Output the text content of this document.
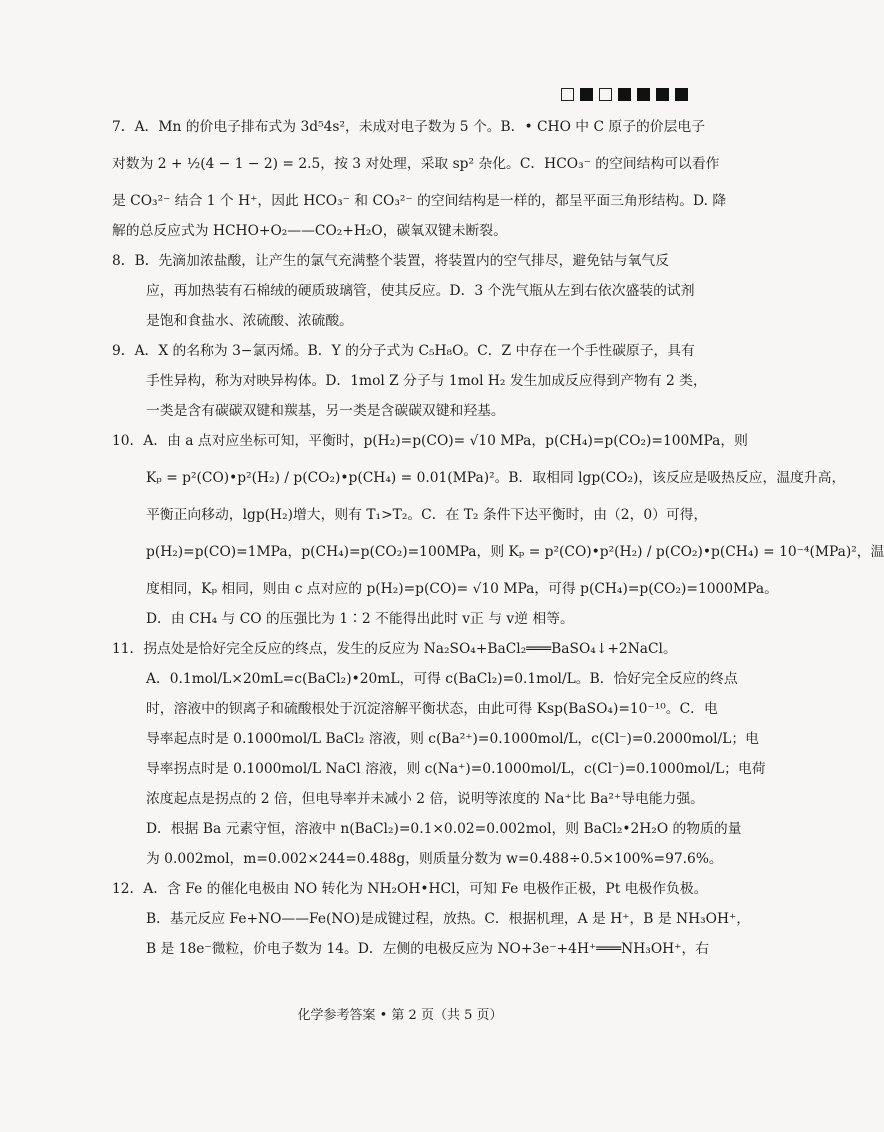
7．A．Mn 的价电子排布式为 3d⁵4s²，未成对电子数为 5 个。B．• CHO 中 C 原子的价层电子
对数为 2 + ½(4 − 1 − 2) = 2.5，按 3 对处理，采取 sp² 杂化。C．HCO₃⁻ 的空间结构可以看作
是 CO₃²⁻ 结合 1 个 H⁺，因此 HCO₃⁻ 和 CO₃²⁻ 的空间结构是一样的，都呈平面三角形结构。D. 降
解的总反应式为 HCHO+O₂——CO₂+H₂O，碳氧双键未断裂。
8．B．先滴加浓盐酸，让产生的氯气充满整个装置，将装置内的空气排尽，避免钴与氧气反
应，再加热装有石棉绒的硬质玻璃管，使其反应。D．3 个洗气瓶从左到右依次盛装的试剂
是饱和食盐水、浓硫酸、浓硫酸。
9．A．X 的名称为 3−氯丙烯。B．Y 的分子式为 C₅H₈O。C．Z 中存在一个手性碳原子，具有
手性异构，称为对映异构体。D．1mol Z 分子与 1mol H₂ 发生加成反应得到产物有 2 类，
一类是含有碳碳双键和羰基，另一类是含碳碳双键和羟基。
10．A．由 a 点对应坐标可知，平衡时，p(H₂)=p(CO)= √10 MPa，p(CH₄)=p(CO₂)=100MPa，则
Kₚ = p²(CO)•p²(H₂) / p(CO₂)•p(CH₄) = 0.01(MPa)²。B．取相同 lgp(CO₂)，该反应是吸热反应，温度升高，
平衡正向移动，lgp(H₂)增大，则有 T₁>T₂。C．在 T₂ 条件下达平衡时，由（2，0）可得，
p(H₂)=p(CO)=1MPa，p(CH₄)=p(CO₂)=100MPa，则 Kₚ = p²(CO)•p²(H₂) / p(CO₂)•p(CH₄) = 10⁻⁴(MPa)²，温
度相同，Kₚ 相同，则由 c 点对应的 p(H₂)=p(CO)= √10 MPa，可得 p(CH₄)=p(CO₂)=1000MPa。
D．由 CH₄ 与 CO 的压强比为 1∶2 不能得出此时 v正 与 v逆 相等。
11．拐点处是恰好完全反应的终点，发生的反应为 Na₂SO₄+BaCl₂═══BaSO₄↓+2NaCl。
A．0.1mol/L×20mL=c(BaCl₂)•20mL，可得 c(BaCl₂)=0.1mol/L。B．恰好完全反应的终点
时，溶液中的钡离子和硫酸根处于沉淀溶解平衡状态，由此可得 Ksp(BaSO₄)=10⁻¹⁰。C．电
导率起点时是 0.1000mol/L BaCl₂ 溶液，则 c(Ba²⁺)=0.1000mol/L，c(Cl⁻)=0.2000mol/L；电
导率拐点时是 0.1000mol/L NaCl 溶液，则 c(Na⁺)=0.1000mol/L，c(Cl⁻)=0.1000mol/L；电荷
浓度起点是拐点的 2 倍，但电导率并未减小 2 倍，说明等浓度的 Na⁺比 Ba²⁺导电能力强。
D．根据 Ba 元素守恒，溶液中 n(BaCl₂)=0.1×0.02=0.002mol，则 BaCl₂•2H₂O 的物质的量
为 0.002mol，m=0.002×244=0.488g，则质量分数为 w=0.488÷0.5×100%=97.6%。
12．A．含 Fe 的催化电极由 NO 转化为 NH₂OH•HCl，可知 Fe 电极作正极，Pt 电极作负极。
B．基元反应 Fe+NO——Fe(NO)是成键过程，放热。C．根据机理，A 是 H⁺，B 是 NH₃OH⁺，
B 是 18e⁻微粒，价电子数为 14。D．左侧的电极反应为 NO+3e⁻+4H⁺═══NH₃OH⁺，右
化学参考答案 • 第 2 页（共 5 页）
